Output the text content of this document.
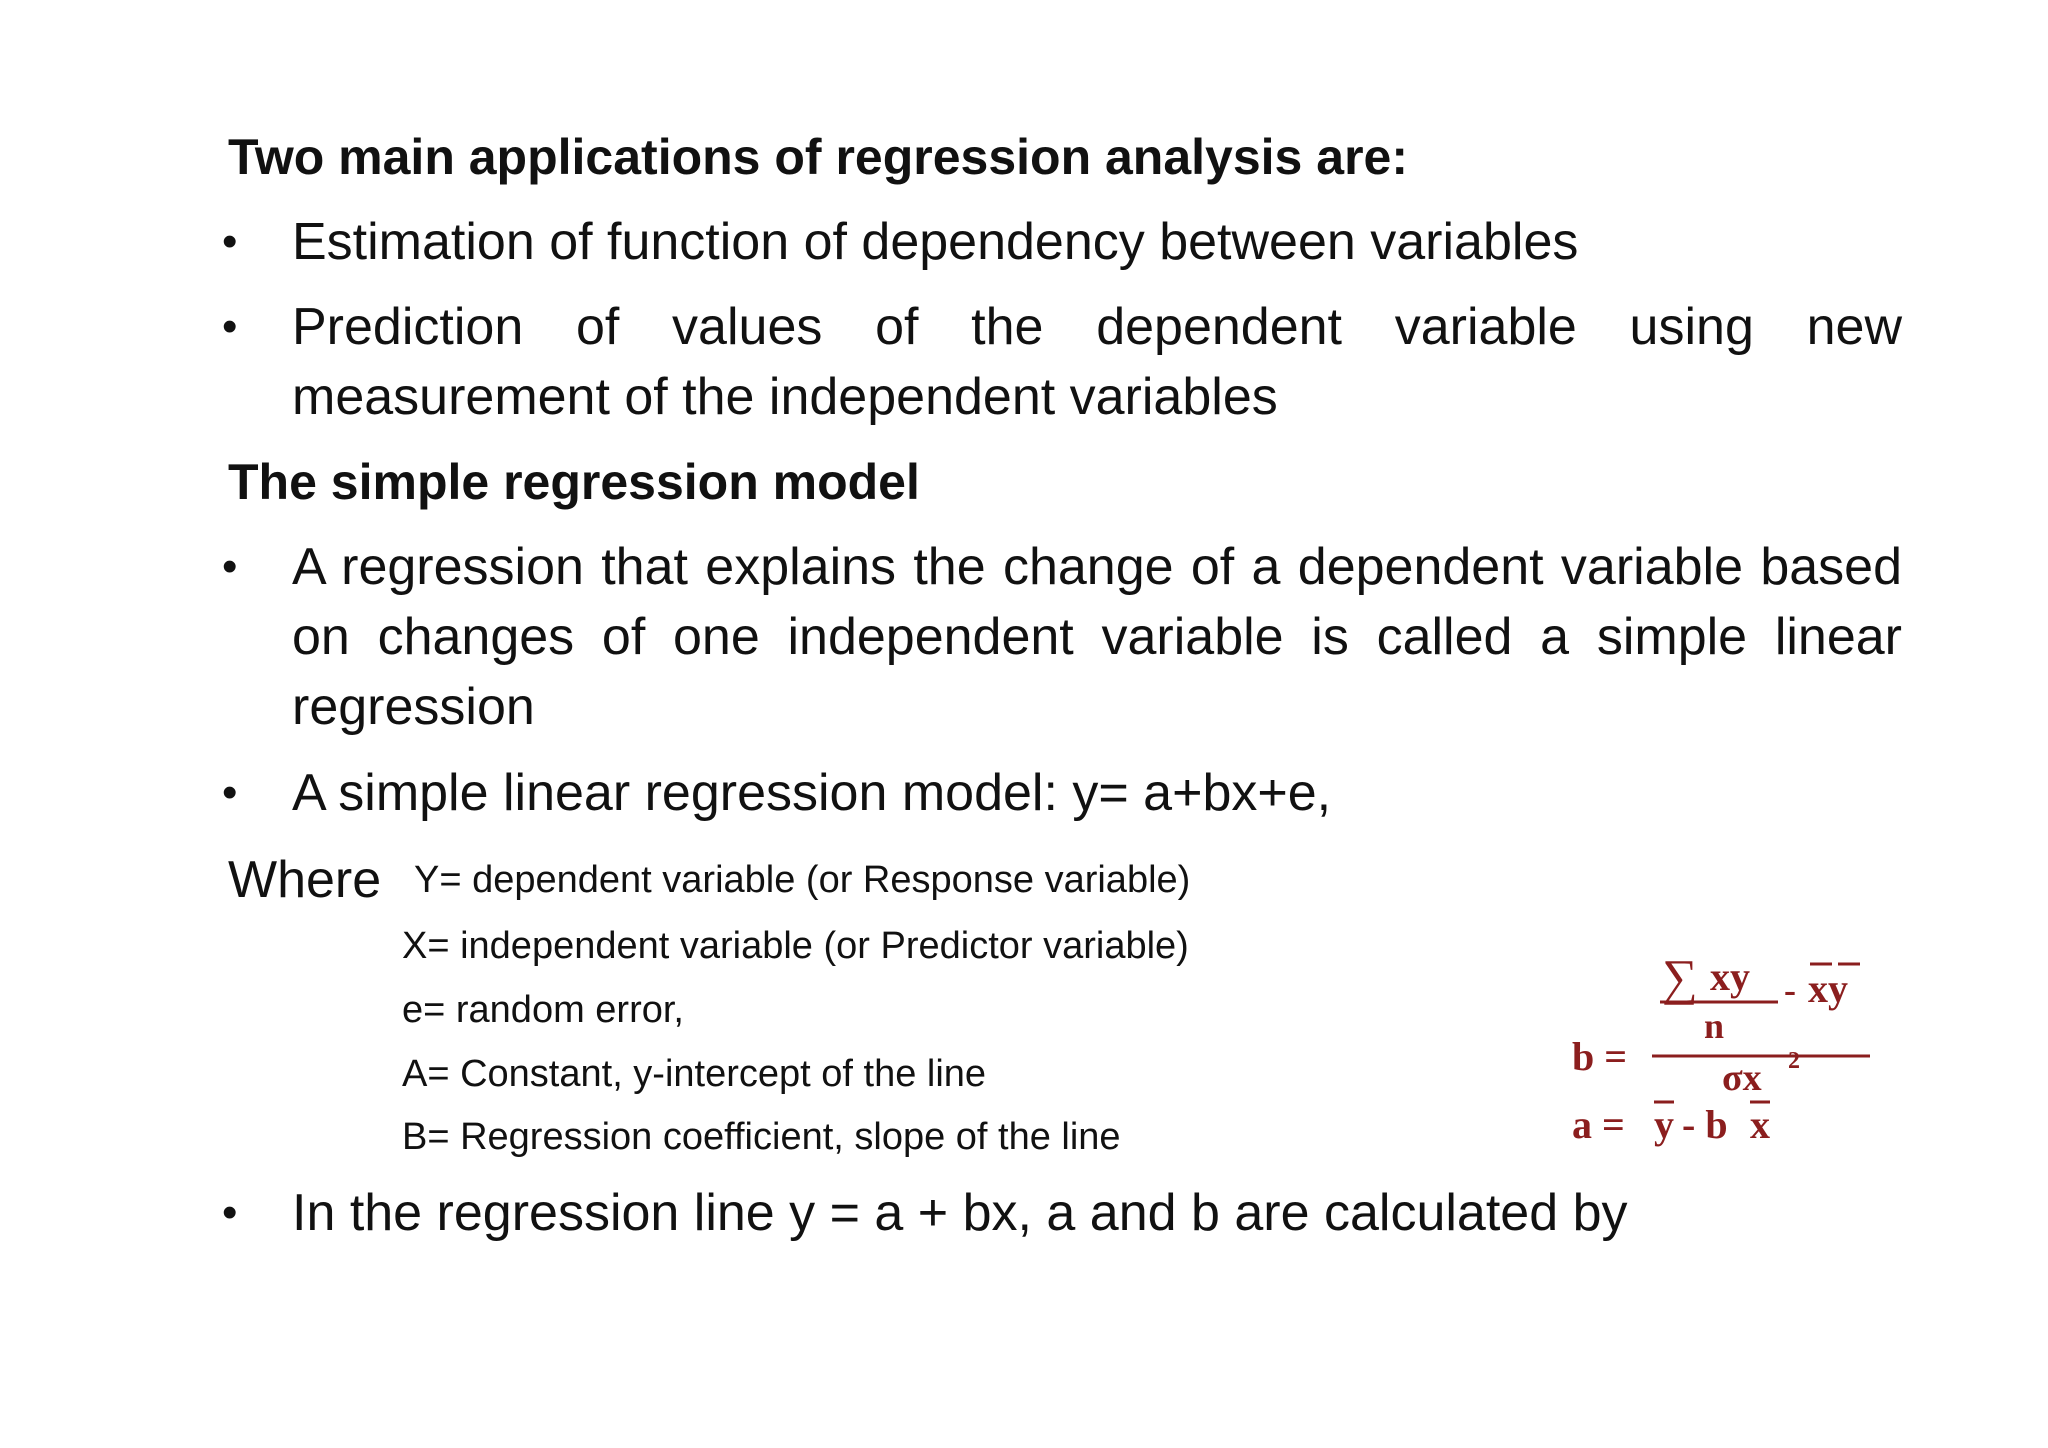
Two main applications of regression analysis are:
•	Estimation of function of dependency between variables
•	Prediction of values of the dependent variable using new measurement of the independent variables
The simple regression model
•	A regression that explains the change of a dependent variable based on changes of one independent variable is called a simple linear regression
•	A simple linear regression model: y= a+bx+e,
Where Y= dependent variable (or Response variable)
X= independent variable (or Predictor variable)
e= random error,
A= Constant, y-intercept of the line
B= Regression coefficient, slope of the line
∑ xy
n
- xy
b = σx 2
a = y - b x
•	In the regression line y = a + bx, a and b are calculated by
